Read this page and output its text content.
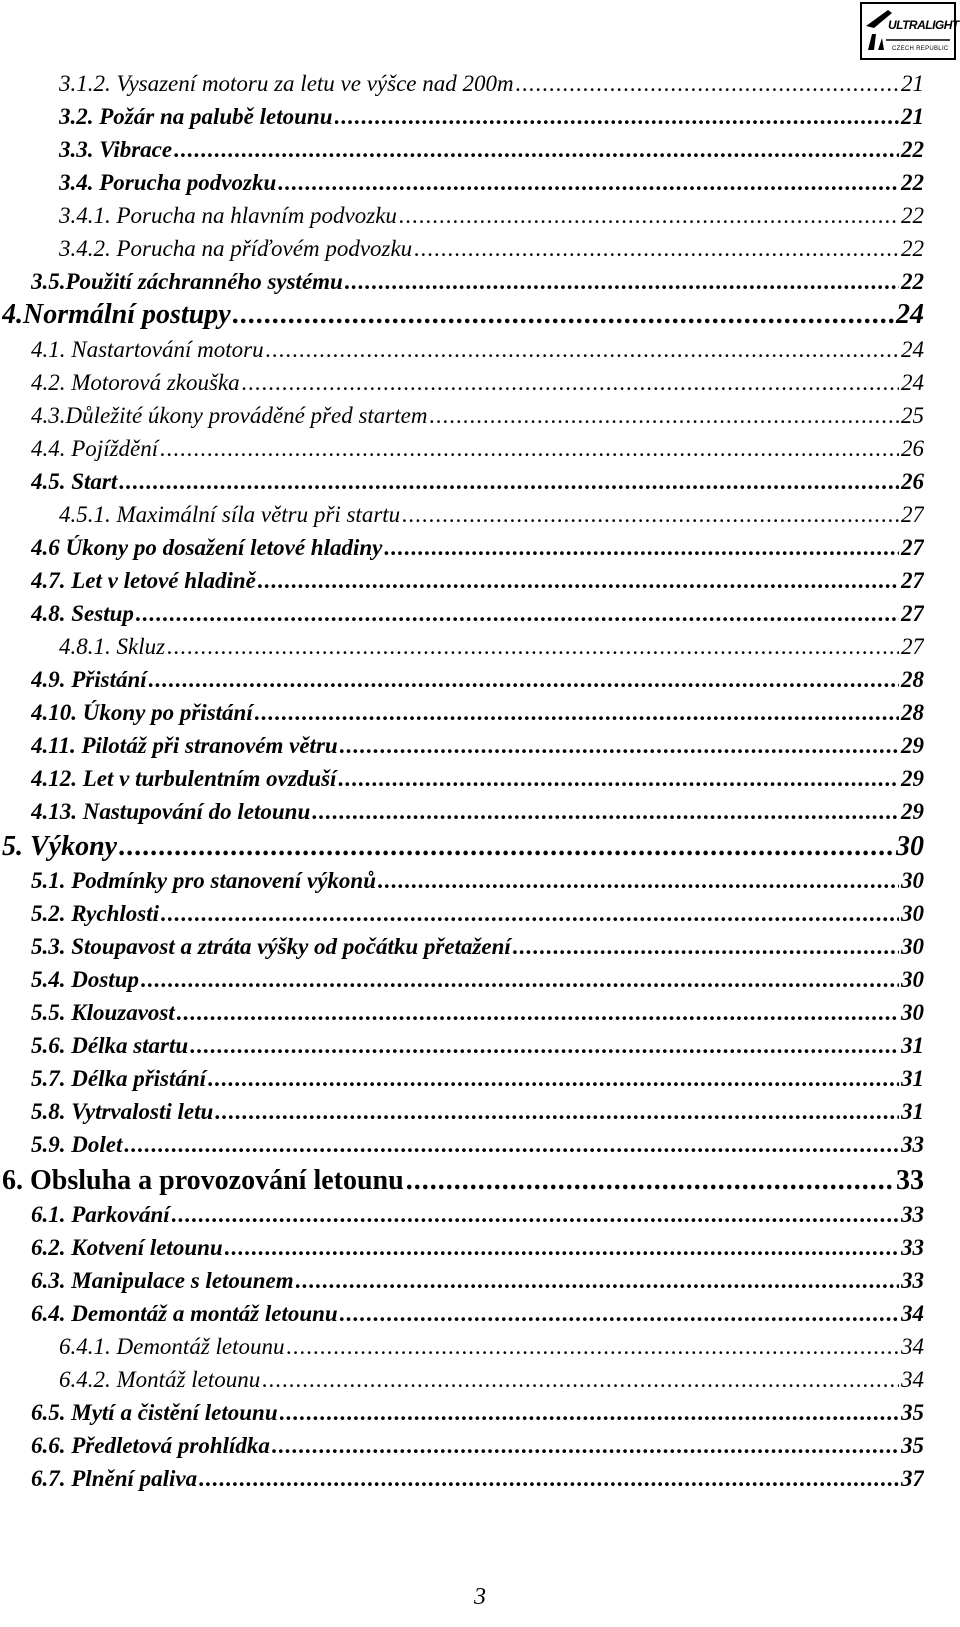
ULTRALIGHT
CZECH REPUBLIC
3.1.2. Vysazení motoru za letu ve výšce nad 200m .....	21
3.2. Požár na palubě letounu .....	21
3.3. Vibrace .....	22
3.4. Porucha podvozku .....	22
3.4.1. Porucha na hlavním podvozku .....	22
3.4.2. Porucha na příďovém podvozku .....	22
3.5.Použití záchranného systému .....	22
4.Normální postupy .....	24
4.1. Nastartování motoru .....	24
4.2. Motorová zkouška .....	24
4.3.Důležité úkony prováděné před startem .....	25
4.4. Pojíždění .....	26
4.5. Start .....	26
4.5.1. Maximální síla větru při startu .....	27
4.6 Úkony po dosažení letové hladiny .....	27
4.7. Let v letové hladině .....	27
4.8. Sestup .....	27
4.8.1. Skluz .....	27
4.9. Přistání .....	28
4.10. Úkony po přistání .....	28
4.11. Pilotáž při stranovém větru .....	29
4.12. Let v turbulentním ovzduší .....	29
4.13. Nastupování do letounu .....	29
5. Výkony .....	30
5.1. Podmínky pro stanovení výkonů .....	30
5.2. Rychlosti .....	30
5.3. Stoupavost a ztráta výšky od počátku přetažení .....	30
5.4. Dostup .....	30
5.5. Klouzavost .....	30
5.6. Délka startu .....	31
5.7. Délka přistání .....	31
5.8. Vytrvalosti letu .....	31
5.9. Dolet .....	33
6. Obsluha a provozování letounu .....	33
6.1. Parkování .....	33
6.2. Kotvení letounu .....	33
6.3. Manipulace s letounem .....	33
6.4. Demontáž a montáž letounu .....	34
6.4.1. Demontáž letounu .....	34
6.4.2. Montáž letounu .....	34
6.5. Mytí a čistění letounu .....	35
6.6. Předletová prohlídka .....	35
6.7. Plnění paliva .....	37
3
